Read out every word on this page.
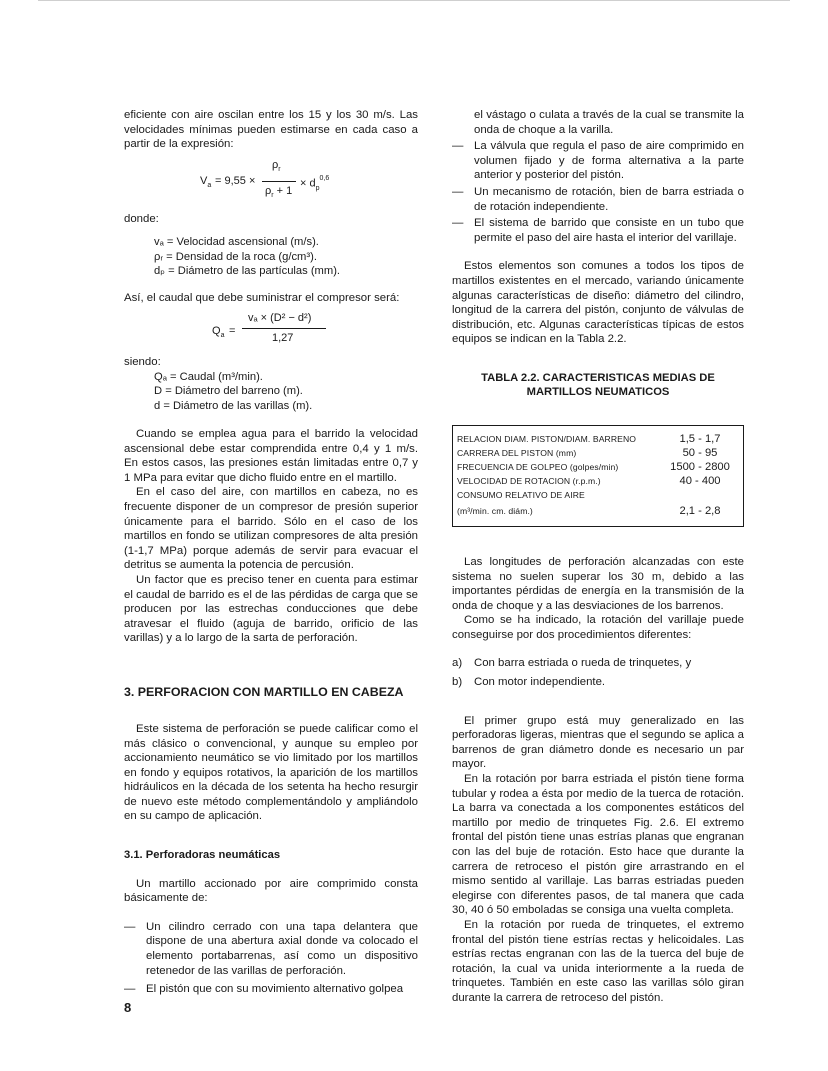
eficiente con aire oscilan entre los 15 y los 30 m/s. Las velocidades mínimas pueden estimarse en cada caso a partir de la expresión:

$V_a = 9,55$ ×
$\rho_r$
$\rho_r + 1$
× $d_p^{0,6}$

donde:

vₐ = Velocidad ascensional (m/s).
ρᵣ = Densidad de la roca (g/cm³).
dₚ = Diámetro de las partículas (mm).

Así, el caudal que debe suministrar el compresor será:

$Q_a$ =
vₐ × (D² − d²)
1,27

siendo:

Qₐ = Caudal (m³/min).
D = Diámetro del barreno (m).
d = Diámetro de las varillas (m).

Cuando se emplea agua para el barrido la velocidad ascensional debe estar comprendida entre 0,4 y 1 m/s. En estos casos, las presiones están limitadas entre 0,7 y 1 MPa para evitar que dicho fluido entre en el martillo.

En el caso del aire, con martillos en cabeza, no es frecuente disponer de un compresor de presión superior únicamente para el barrido. Sólo en el caso de los martillos en fondo se utilizan compresores de alta presión (1-1,7 MPa) porque además de servir para evacuar el detritus se aumenta la potencia de percusión.

Un factor que es preciso tener en cuenta para estimar el caudal de barrido es el de las pérdidas de carga que se producen por las estrechas conducciones que debe atravesar el fluido (aguja de barrido, orificio de las varillas) y a lo largo de la sarta de perforación.

3. PERFORACION CON MARTILLO EN CABEZA

Este sistema de perforación se puede calificar como el más clásico o convencional, y aunque su empleo por accionamiento neumático se vio limitado por los martillos en fondo y equipos rotativos, la aparición de los martillos hidráulicos en la década de los setenta ha hecho resurgir de nuevo este método complementándolo y ampliándolo en su campo de aplicación.

3.1. Perforadoras neumáticas

Un martillo accionado por aire comprimido consta básicamente de:

— Un cilindro cerrado con una tapa delantera que dispone de una abertura axial donde va colocado el elemento portabarrenas, así como un dispositivo retenedor de las varillas de perforación.
— El pistón que con su movimiento alternativo golpea
el vástago o culata a través de la cual se transmite la onda de choque a la varilla.
— La válvula que regula el paso de aire comprimido en volumen fijado y de forma alternativa a la parte anterior y posterior del pistón.
— Un mecanismo de rotación, bien de barra estriada o de rotación independiente.
— El sistema de barrido que consiste en un tubo que permite el paso del aire hasta el interior del varillaje.

Estos elementos son comunes a todos los tipos de martillos existentes en el mercado, variando únicamente algunas características de diseño: diámetro del cilindro, longitud de la carrera del pistón, conjunto de válvulas de distribución, etc. Algunas características típicas de estos equipos se indican en la Tabla 2.2.

TABLA 2.2. CARACTERISTICAS MEDIAS DE
MARTILLOS NEUMATICOS
RELACION DIAM. PISTON/DIAM. BARRENO	1,5 - 1,7
CARRERA DEL PISTON (mm)	50 - 95
FRECUENCIA DE GOLPEO (golpes/min)	1500 - 2800
VELOCIDAD DE ROTACION (r.p.m.)	40 - 400
CONSUMO RELATIVO DE AIRE	
(m³/min. cm. diám.)	2,1 - 2,8

Las longitudes de perforación alcanzadas con este sistema no suelen superar los 30 m, debido a las importantes pérdidas de energía en la transmisión de la onda de choque y a las desviaciones de los barrenos.

Como se ha indicado, la rotación del varillaje puede conseguirse por dos procedimientos diferentes:

a)	Con barra estriada o rueda de trinquetes, y
b)	Con motor independiente.

El primer grupo está muy generalizado en las perforadoras ligeras, mientras que el segundo se aplica a barrenos de gran diámetro donde es necesario un par mayor.

En la rotación por barra estriada el pistón tiene forma tubular y rodea a ésta por medio de la tuerca de rotación. La barra va conectada a los componentes estáticos del martillo por medio de trinquetes Fig. 2.6. El extremo frontal del pistón tiene unas estrías planas que engranan con las del buje de rotación. Esto hace que durante la carrera de retroceso el pistón gire arrastrando en el mismo sentido al varillaje. Las barras estriadas pueden elegirse con diferentes pasos, de tal manera que cada 30, 40 ó 50 emboladas se consiga una vuelta completa.

En la rotación por rueda de trinquetes, el extremo frontal del pistón tiene estrías rectas y helicoidales. Las estrías rectas engranan con las de la tuerca del buje de rotación, la cual va unida interiormente a la rueda de trinquetes. También en este caso las varillas sólo giran durante la carrera de retroceso del pistón.

8
